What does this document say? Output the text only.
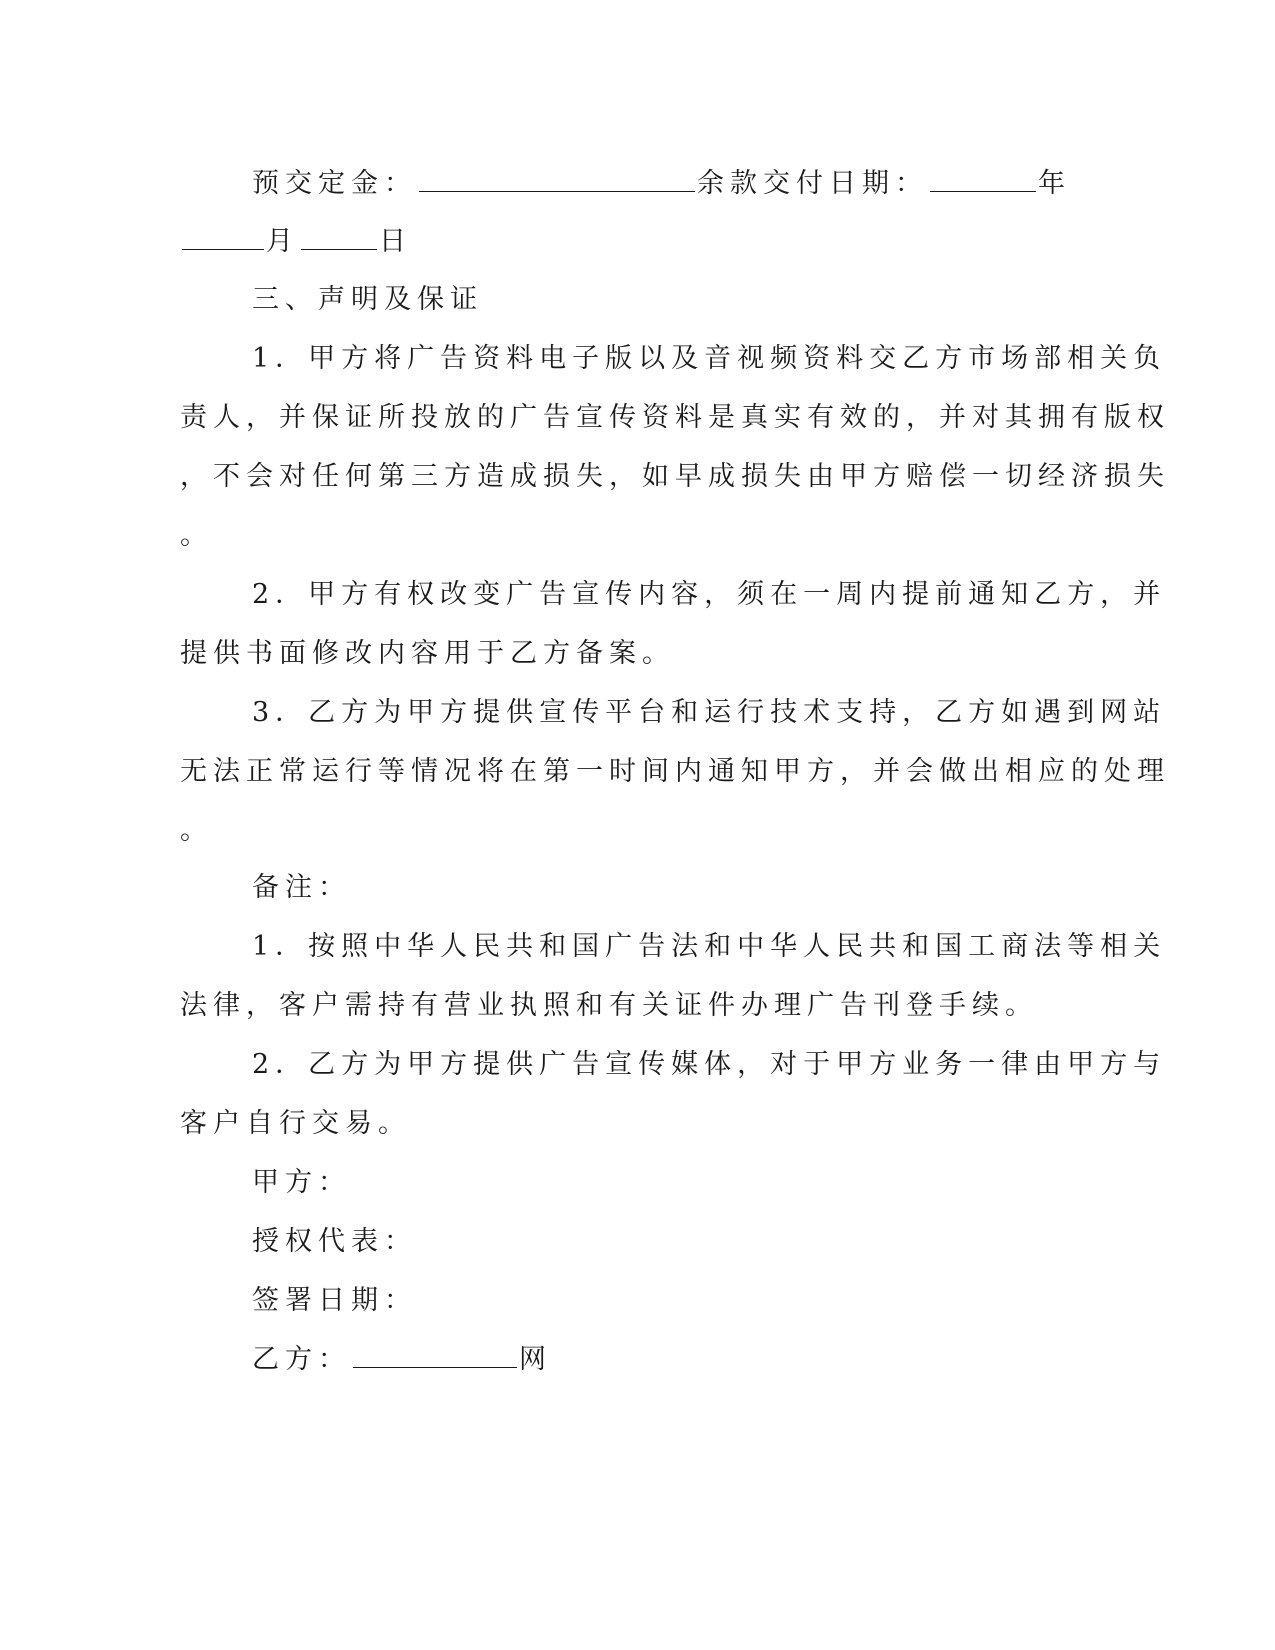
预交定金：	余款交付日期：	年
月	日
三、声明及保证
1．甲方将广告资料电子版以及音视频资料交乙方市场部相关负
责人，并保证所投放的广告宣传资料是真实有效的，并对其拥有版权
，不会对任何第三方造成损失，如早成损失由甲方赔偿一切经济损失
。
2．甲方有权改变广告宣传内容，须在一周内提前通知乙方，并
提供书面修改内容用于乙方备案。
3．乙方为甲方提供宣传平台和运行技术支持，乙方如遇到网站
无法正常运行等情况将在第一时间内通知甲方，并会做出相应的处理
。
备注：
1．按照中华人民共和国广告法和中华人民共和国工商法等相关
法律，客户需持有营业执照和有关证件办理广告刊登手续。
2．乙方为甲方提供广告宣传媒体，对于甲方业务一律由甲方与
客户自行交易。
甲方：
授权代表：
签署日期：
乙方：	网
